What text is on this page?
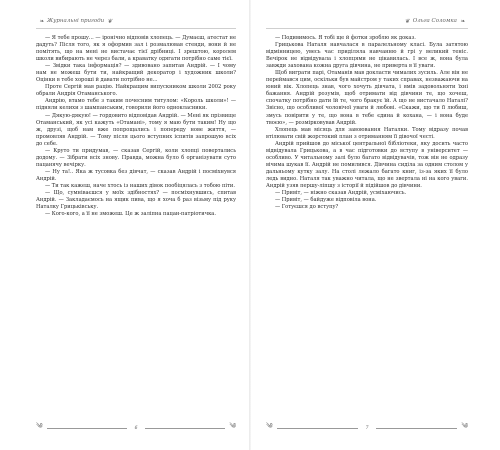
❧ Журнальні пригоди ❦

— Я тебе прошу... — іронічно відповів хлопець. — Думаєш, атестат не дадуть? Після того, як я оформив зал і розмалював стенди, вони й не помітять, що на мені не вистачає тієї дрібниці. І зрештою, королем школи вибирають не через бали, а краватку одягати потрібно саме тієї.

— Звідки така інформація? — здивовано запитав Андрій. — І чому нам не можеш бути ти, найкращий декоратор і художник школи? Оцінки в тебе хороші й давати потрібно не...

Проте Сергій мав рацію. Найкращим випускником школи 2002 року обрали Андрія Отаманського.

Андрію, втамо тебе з таким почесним титулом: «Король школи»! — підняли келихи з шампанським, говорили його однокласники.

— Дякую-дякую! — гордовито відповідав Андрій. — Мені як прізвище Отаманський, як усі кажуть «Отамані», тому я маю бути таким! Ну що ж, друзі, щоб нам вже попрощались і попереду нове життя, — промовляв Андрій. — Тому після цього вступних іспитів запрошую всіх до себе.

— Круто ти придумав, — сказав Сергій, коли хлопці повертались додому. — Зібрати всіх знову. Правда, можна було б організувати суто пацанячу вечірку.

— Ну та!.. Яка ж тусовка без дівчат, — сказав Андрій і посміхнувся Андрій.

— Ти так кажеш, наче хтось із наших дівок пообіцялась з тобою піти.

— Що, сумніваєшся у моїх здібностях? — посміхнувшись, спитав Андрій. — Закладаємось на ящик пива, що я хоча б раз візьму під руку Наталку Грицьківську.

— Кого-кого, а її не зможеш. Це ж заліпна пацан-патріотичка.

༄	6	༄
❦ Ольга Соломка ❧

— Подивимось. Я тобі ще й фотки зроблю як доказ.

Грицькова Наталя навчалася в паралельному класі. Була затятою відмінницею, увесь час приділяла навчанню й грі у великий теніс. Вечірок не відвідувала і хлопцями не цікавилась. І все ж, вона була завжди захована кожна друга дівчина, не приверта в її уваги.

Щоб виграти парі, Отаманів мав докласти чималих зусиль. Але він не переймався цим, оскільки був майстром у таких справах, незважаючи на юний вік. Хлопець знав, чого хочуть дівчата, і вмів задовольняти їхні бажання. Андрій розумів, щоб отримати від дівчини те, що хочеш, спочатку потрібно дати їй те, чого бракує їй. А що не вистачало Наталі? Звісно, що особливої чоловічої уваги й любові. «Скажи, що ти її любиш, змусь повірити у те, що вона в тебе єдина й кохана, — і вона буде твоєю», — розмірковував Андрій.

Хлопець мав місяць для завоювання Наталки. Тому відразу почав втілювати свій жорстокий план з отриманням її дівочої честі.

Андрій прийшов до міської центральної бібліотеки, яку досить часто відвідувала Грицькова, а в час підготовки до вступу в університет — особливо. У читальному залі було багато відвідувачів, тож він не одразу вічима шукав її. Андрій не помилився. Дівчина сиділа за одним столом у дальньому кутку залу. На столі лежало багато книг, із-за яких її було ледь видно. Наталя так уважно читала, що не звертала ні на кого уваги. Андрій узяв першу-ліпшу з історії й підійшов до дівчини.

— Привіт, — ніжно сказав Андрій, усміхаючись.

— Привіт, — байдуже відповіла вона.

— Готуєшся до вступу?

༄	7	༄
